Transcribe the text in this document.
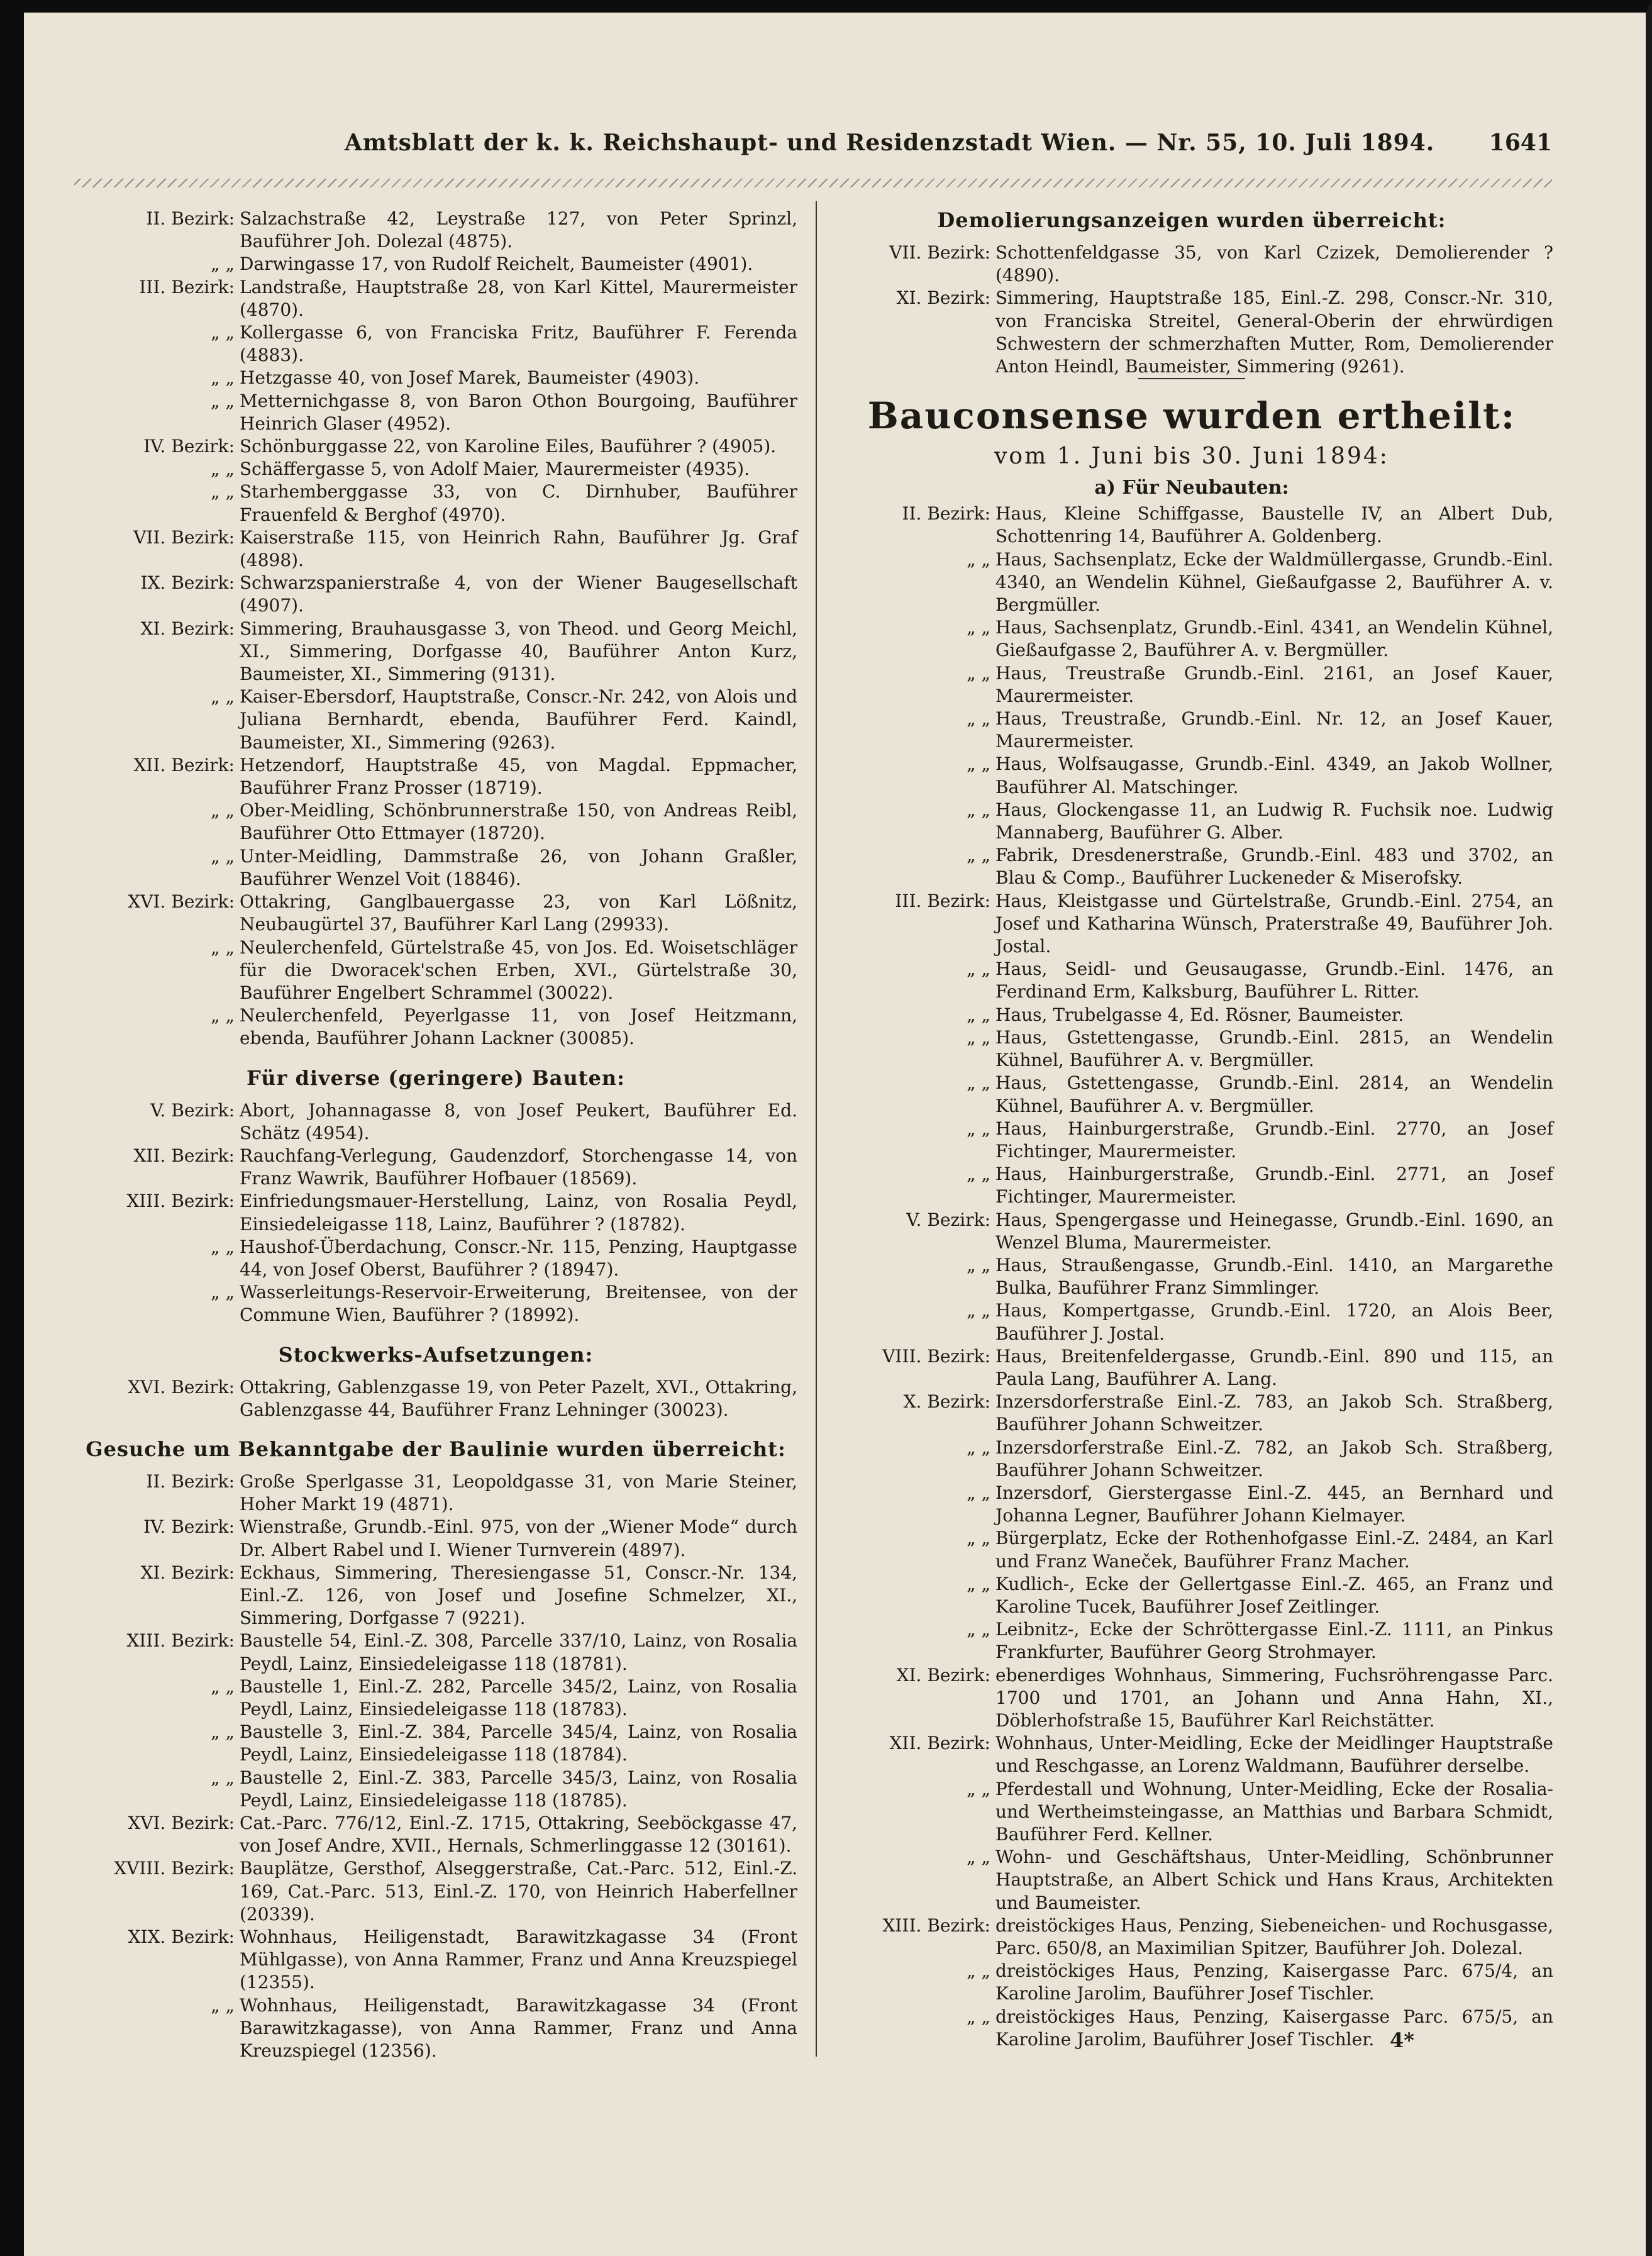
Amtsblatt der k. k. Reichshaupt- und Residenzstadt Wien. — Nr. 55, 10. Juli 1894. 1641
II. Bezirk: Salzachstraße 42, Leystraße 127, von Peter Sprinzl, Bauführer Joh. Dolezal (4875).
„ „ Darwingasse 17, von Rudolf Reichelt, Baumeister (4901).
III. Bezirk: Landstraße, Hauptstraße 28, von Karl Kittel, Maurermeister (4870).
„ „ Kollergasse 6, von Franciska Fritz, Bauführer F. Ferenda (4883).
„ „ Hetzgasse 40, von Josef Marek, Baumeister (4903).
„ „ Metternichgasse 8, von Baron Othon Bourgoing, Bauführer Heinrich Glaser (4952).
IV. Bezirk: Schönburggasse 22, von Karoline Eiles, Bauführer ? (4905).
„ „ Schäffergasse 5, von Adolf Maier, Maurermeister (4935).
„ „ Starhemberggasse 33, von C. Dirnhuber, Bauführer Frauenfeld & Berghof (4970).
VII. Bezirk: Kaiserstraße 115, von Heinrich Rahn, Bauführer Jg. Graf (4898).
IX. Bezirk: Schwarzspanierstraße 4, von der Wiener Baugesellschaft (4907).
XI. Bezirk: Simmering, Brauhausgasse 3, von Theod. und Georg Meichl, XI., Simmering, Dorfgasse 40, Bauführer Anton Kurz, Baumeister, XI., Simmering (9131).
„ „ Kaiser-Ebersdorf, Hauptstraße, Conscr.-Nr. 242, von Alois und Juliana Bernhardt, ebenda, Bauführer Ferd. Kaindl, Baumeister, XI., Simmering (9263).
XII. Bezirk: Hetzendorf, Hauptstraße 45, von Magdal. Eppmacher, Bauführer Franz Prosser (18719).
„ „ Ober-Meidling, Schönbrunnerstraße 150, von Andreas Reibl, Bauführer Otto Ettmayer (18720).
„ „ Unter-Meidling, Dammstraße 26, von Johann Graßler, Bauführer Wenzel Voit (18846).
XVI. Bezirk: Ottakring, Ganglbauergasse 23, von Karl Lößnitz, Neubaugürtel 37, Bauführer Karl Lang (29933).
„ „ Neulerchenfeld, Gürtelstraße 45, von Jos. Ed. Woisetschläger für die Dworacek'schen Erben, XVI., Gürtelstraße 30, Bauführer Engelbert Schrammel (30022).
„ „ Neulerchenfeld, Peyerlgasse 11, von Josef Heitzmann, ebenda, Bauführer Johann Lackner (30085).
Für diverse (geringere) Bauten:
V. Bezirk: Abort, Johannagasse 8, von Josef Peukert, Bauführer Ed. Schätz (4954).
XII. Bezirk: Rauchfang-Verlegung, Gaudenzdorf, Storchengasse 14, von Franz Wawrik, Bauführer Hofbauer (18569).
XIII. Bezirk: Einfriedungsmauer-Herstellung, Lainz, von Rosalia Peydl, Einsiedeleigasse 118, Lainz, Bauführer ? (18782).
„ „ Haushof-Überdachung, Conscr.-Nr. 115, Penzing, Hauptgasse 44, von Josef Oberst, Bauführer ? (18947).
„ „ Wasserleitungs-Reservoir-Erweiterung, Breitensee, von der Commune Wien, Bauführer ? (18992).
Stockwerks-Aufsetzungen:
XVI. Bezirk: Ottakring, Gablenzgasse 19, von Peter Pazelt, XVI., Ottakring, Gablenzgasse 44, Bauführer Franz Lehninger (30023).
Gesuche um Bekanntgabe der Baulinie wurden überreicht:
II. Bezirk: Große Sperlgasse 31, Leopoldgasse 31, von Marie Steiner, Hoher Markt 19 (4871).
IV. Bezirk: Wienstraße, Grundb.-Einl. 975, von der „Wiener Mode“ durch Dr. Albert Rabel und I. Wiener Turnverein (4897).
XI. Bezirk: Eckhaus, Simmering, Theresiengasse 51, Conscr.-Nr. 134, Einl.-Z. 126, von Josef und Josefine Schmelzer, XI., Simmering, Dorfgasse 7 (9221).
XIII. Bezirk: Baustelle 54, Einl.-Z. 308, Parcelle 337/10, Lainz, von Rosalia Peydl, Lainz, Einsiedeleigasse 118 (18781).
„ „ Baustelle 1, Einl.-Z. 282, Parcelle 345/2, Lainz, von Rosalia Peydl, Lainz, Einsiedeleigasse 118 (18783).
„ „ Baustelle 3, Einl.-Z. 384, Parcelle 345/4, Lainz, von Rosalia Peydl, Lainz, Einsiedeleigasse 118 (18784).
„ „ Baustelle 2, Einl.-Z. 383, Parcelle 345/3, Lainz, von Rosalia Peydl, Lainz, Einsiedeleigasse 118 (18785).
XVI. Bezirk: Cat.-Parc. 776/12, Einl.-Z. 1715, Ottakring, Seeböckgasse 47, von Josef Andre, XVII., Hernals, Schmerlinggasse 12 (30161).
XVIII. Bezirk: Bauplätze, Gersthof, Alseggerstraße, Cat.-Parc. 512, Einl.-Z. 169, Cat.-Parc. 513, Einl.-Z. 170, von Heinrich Haberfellner (20339).
XIX. Bezirk: Wohnhaus, Heiligenstadt, Barawitzkagasse 34 (Front Mühlgasse), von Anna Rammer, Franz und Anna Kreuzspiegel (12355).
„ „ Wohnhaus, Heiligenstadt, Barawitzkagasse 34 (Front Barawitzkagasse), von Anna Rammer, Franz und Anna Kreuzspiegel (12356).
Demolierungsanzeigen wurden überreicht:
VII. Bezirk: Schottenfeldgasse 35, von Karl Czizek, Demolierender ? (4890).
XI. Bezirk: Simmering, Hauptstraße 185, Einl.-Z. 298, Conscr.-Nr. 310, von Franciska Streitel, General-Oberin der ehrwürdigen Schwestern der schmerzhaften Mutter, Rom, Demolierender Anton Heindl, Baumeister, Simmering (9261).
Bauconsense wurden ertheilt:
vom 1. Juni bis 30. Juni 1894:
a) Für Neubauten:
II. Bezirk: Haus, Kleine Schiffgasse, Baustelle IV, an Albert Dub, Schottenring 14, Bauführer A. Goldenberg.
„ „ Haus, Sachsenplatz, Ecke der Waldmüllergasse, Grundb.-Einl. 4340, an Wendelin Kühnel, Gießaufgasse 2, Bauführer A. v. Bergmüller.
„ „ Haus, Sachsenplatz, Grundb.-Einl. 4341, an Wendelin Kühnel, Gießaufgasse 2, Bauführer A. v. Bergmüller.
„ „ Haus, Treustraße Grundb.-Einl. 2161, an Josef Kauer, Maurermeister.
„ „ Haus, Treustraße, Grundb.-Einl. Nr. 12, an Josef Kauer, Maurermeister.
„ „ Haus, Wolfsaugasse, Grundb.-Einl. 4349, an Jakob Wollner, Bauführer Al. Matschinger.
„ „ Haus, Glockengasse 11, an Ludwig R. Fuchsik noe. Ludwig Mannaberg, Bauführer G. Alber.
„ „ Fabrik, Dresdenerstraße, Grundb.-Einl. 483 und 3702, an Blau & Comp., Bauführer Luckeneder & Miserofsky.
III. Bezirk: Haus, Kleistgasse und Gürtelstraße, Grundb.-Einl. 2754, an Josef und Katharina Wünsch, Praterstraße 49, Bauführer Joh. Jostal.
„ „ Haus, Seidl- und Geusaugasse, Grundb.-Einl. 1476, an Ferdinand Erm, Kalksburg, Bauführer L. Ritter.
„ „ Haus, Trubelgasse 4, Ed. Rösner, Baumeister.
„ „ Haus, Gstettengasse, Grundb.-Einl. 2815, an Wendelin Kühnel, Bauführer A. v. Bergmüller.
„ „ Haus, Gstettengasse, Grundb.-Einl. 2814, an Wendelin Kühnel, Bauführer A. v. Bergmüller.
„ „ Haus, Hainburgerstraße, Grundb.-Einl. 2770, an Josef Fichtinger, Maurermeister.
„ „ Haus, Hainburgerstraße, Grundb.-Einl. 2771, an Josef Fichtinger, Maurermeister.
V. Bezirk: Haus, Spengergasse und Heinegasse, Grundb.-Einl. 1690, an Wenzel Bluma, Maurermeister.
„ „ Haus, Straußengasse, Grundb.-Einl. 1410, an Margarethe Bulka, Bauführer Franz Simmlinger.
„ „ Haus, Kompertgasse, Grundb.-Einl. 1720, an Alois Beer, Bauführer J. Jostal.
VIII. Bezirk: Haus, Breitenfeldergasse, Grundb.-Einl. 890 und 115, an Paula Lang, Bauführer A. Lang.
X. Bezirk: Inzersdorferstraße Einl.-Z. 783, an Jakob Sch. Straßberg, Bauführer Johann Schweitzer.
„ „ Inzersdorferstraße Einl.-Z. 782, an Jakob Sch. Straßberg, Bauführer Johann Schweitzer.
„ „ Inzersdorf, Gierstergasse Einl.-Z. 445, an Bernhard und Johanna Legner, Bauführer Johann Kielmayer.
„ „ Bürgerplatz, Ecke der Rothenhofgasse Einl.-Z. 2484, an Karl und Franz Waneček, Bauführer Franz Macher.
„ „ Kudlich-, Ecke der Gellertgasse Einl.-Z. 465, an Franz und Karoline Tucek, Bauführer Josef Zeitlinger.
„ „ Leibnitz-, Ecke der Schröttergasse Einl.-Z. 1111, an Pinkus Frankfurter, Bauführer Georg Strohmayer.
XI. Bezirk: ebenerdiges Wohnhaus, Simmering, Fuchsröhrengasse Parc. 1700 und 1701, an Johann und Anna Hahn, XI., Döblerhofstraße 15, Bauführer Karl Reichstätter.
XII. Bezirk: Wohnhaus, Unter-Meidling, Ecke der Meidlinger Hauptstraße und Reschgasse, an Lorenz Waldmann, Bauführer derselbe.
„ „ Pferdestall und Wohnung, Unter-Meidling, Ecke der Rosalia- und Wertheimsteingasse, an Matthias und Barbara Schmidt, Bauführer Ferd. Kellner.
„ „ Wohn- und Geschäftshaus, Unter-Meidling, Schönbrunner Hauptstraße, an Albert Schick und Hans Kraus, Architekten und Baumeister.
XIII. Bezirk: dreistöckiges Haus, Penzing, Siebeneichen- und Rochusgasse, Parc. 650/8, an Maximilian Spitzer, Bauführer Joh. Dolezal.
„ „ dreistöckiges Haus, Penzing, Kaisergasse Parc. 675/4, an Karoline Jarolim, Bauführer Josef Tischler.
„ „ dreistöckiges Haus, Penzing, Kaisergasse Parc. 675/5, an Karoline Jarolim, Bauführer Josef Tischler. 4*
